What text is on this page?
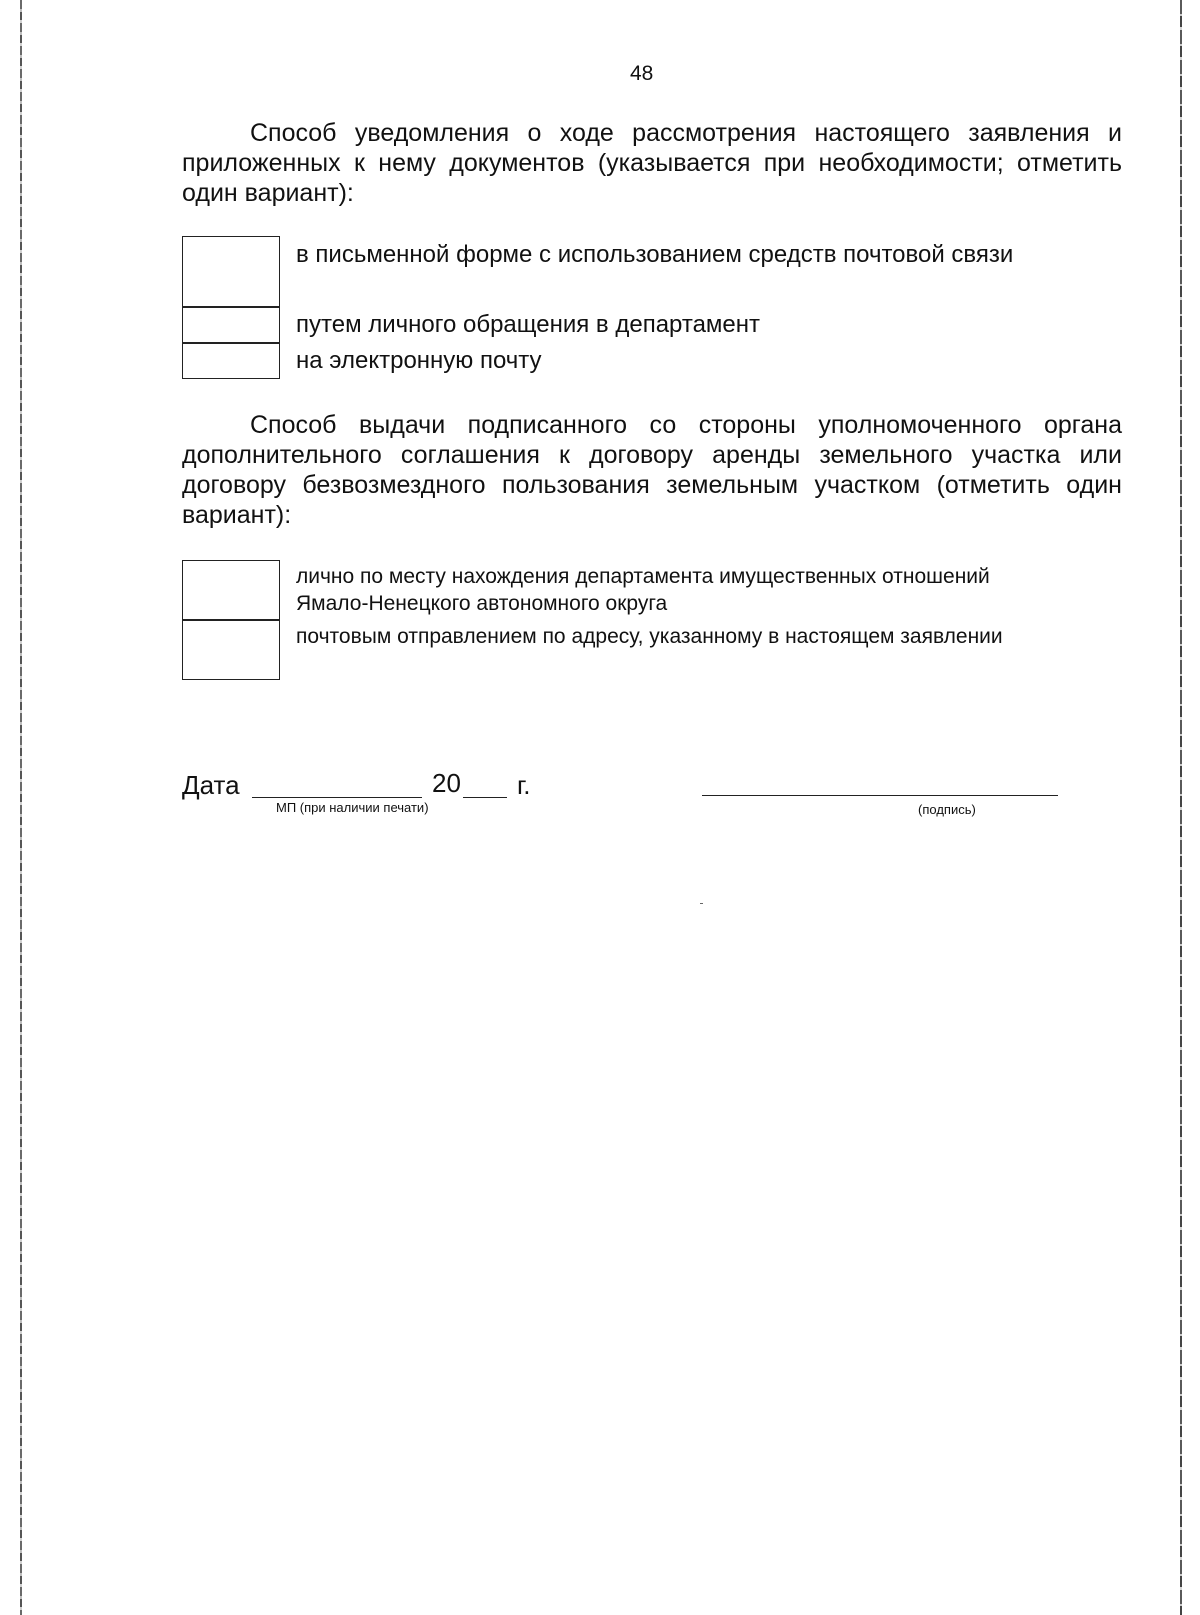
48
Способ уведомления о ходе рассмотрения настоящего заявления и приложенных к нему документов (указывается при необходимости; отметить один вариант):
в письменной форме с использованием средств почтовой связи
путем личного обращения в департамент
на электронную почту
Способ выдачи подписанного со стороны уполномоченного органа дополнительного соглашения к договору аренды земельного участка или договору безвозмездного пользования земельным участком (отметить один вариант):
лично по месту нахождения департамента имущественных отношений Ямало-Ненецкого автономного округа
почтовым отправлением по адресу, указанному в настоящем заявлении
Дата	20 г.
МП (при наличии печати)	(подпись)
